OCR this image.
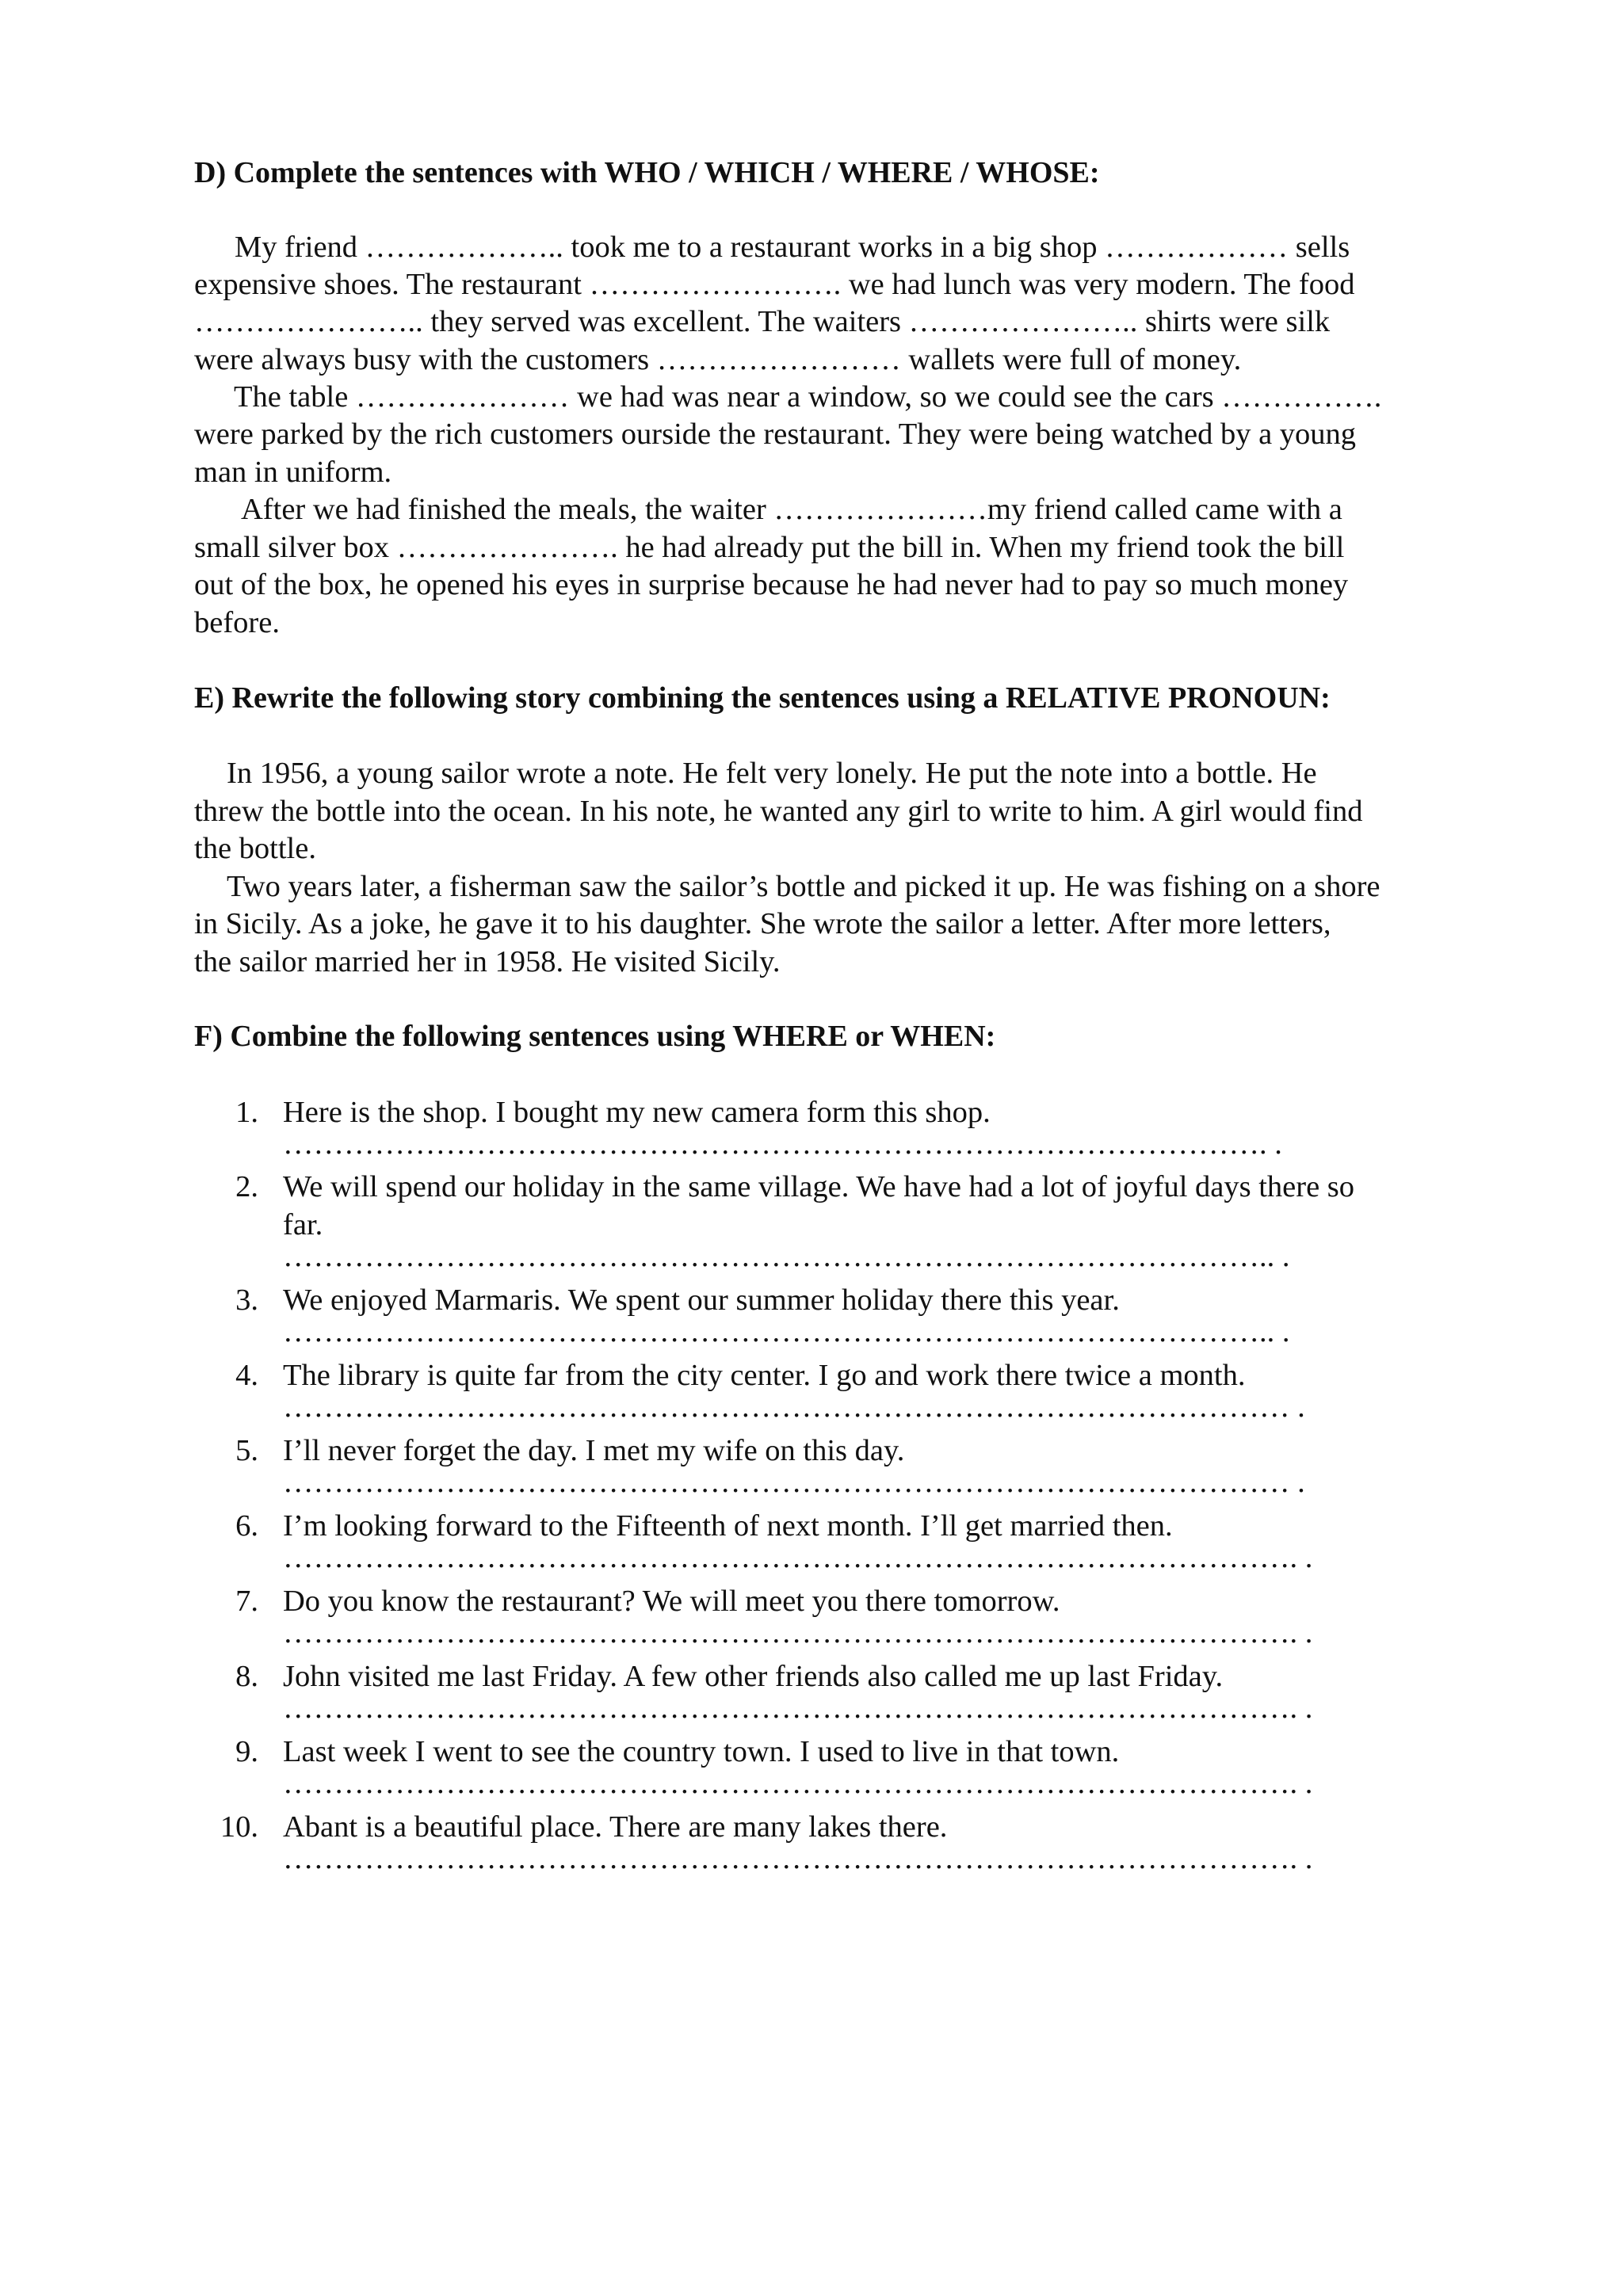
D) Complete the sentences with WHO / WHICH / WHERE / WHOSE:
My friend ……………….. took me to a restaurant works in a big shop ……………… sells
expensive shoes. The restaurant ……………………. we had lunch was very modern. The food
………………….. they served was excellent. The waiters ………………….. shirts were silk
were always busy with the customers …………………… wallets were full of money.
The table ………………… we had was near a window, so we could see the cars …………….
were parked by the rich customers ourside the restaurant. They were being watched by a young
man in uniform.
After we had finished the meals, the waiter …………………my friend called came with a
small silver box …………………. he had already put the bill in. When my friend took the bill
out of the box, he opened his eyes in surprise because he had never had to pay so much money
before.
E) Rewrite the following story combining the sentences using a RELATIVE PRONOUN:
In 1956, a young sailor wrote a note. He felt very lonely. He put the note into a bottle. He
threw the bottle into the ocean. In his note, he wanted any girl to write to him. A girl would find
the bottle.
Two years later, a fisherman saw the sailor’s bottle and picked it up. He was fishing on a shore
in Sicily. As a joke, he gave it to his daughter. She wrote the sailor a letter. After more letters,
the sailor married her in 1958. He visited Sicily.
F) Combine the following sentences using WHERE or WHEN:
1. Here is the shop. I bought my new camera form this shop.
……………………………………………………………………………………. .
2. We will spend our holiday in the same village. We have had a lot of joyful days there so
far.
…………………………………………………………………………………….. .
3. We enjoyed Marmaris. We spent our summer holiday there this year.
…………………………………………………………………………………….. .
4. The library is quite far from the city center. I go and work there twice a month.
……………………………………………………………………………………… .
5. I’ll never forget the day. I met my wife on this day.
……………………………………………………………………………………… .
6. I’m looking forward to the Fifteenth of next month. I’ll get married then.
………………………………………………………………………………………. .
7. Do you know the restaurant? We will meet you there tomorrow.
………………………………………………………………………………………. .
8. John visited me last Friday. A few other friends also called me up last Friday.
………………………………………………………………………………………. .
9. Last week I went to see the country town. I used to live in that town.
………………………………………………………………………………………. .
10. Abant is a beautiful place. There are many lakes there.
………………………………………………………………………………………. .
